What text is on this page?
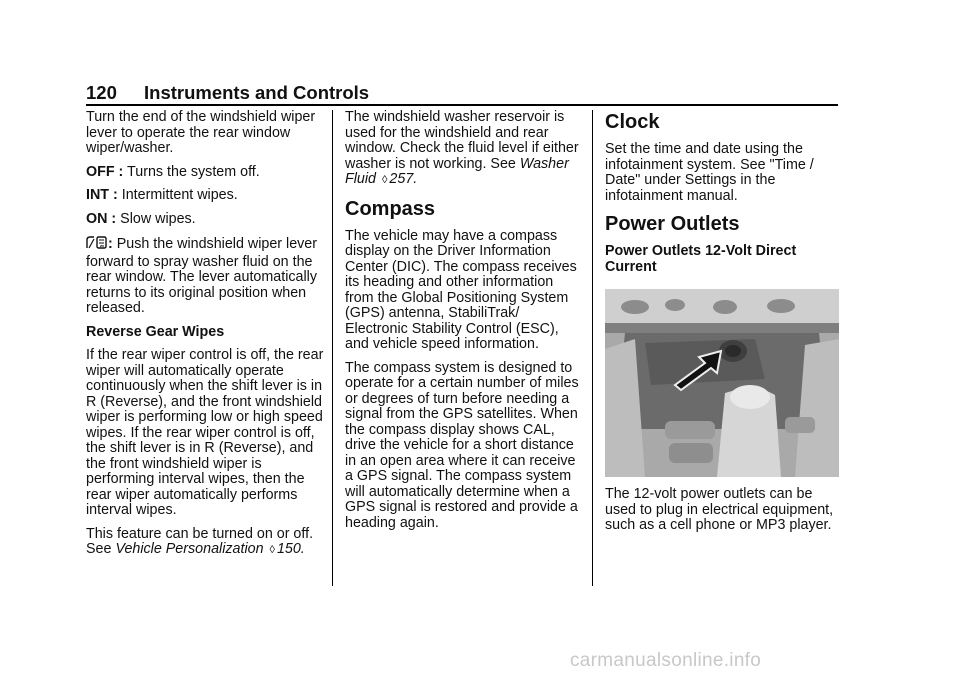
120 Instruments and Controls

Turn the end of the windshield wiper lever to operate the rear window wiper/washer.

OFF : Turns the system off.

INT : Intermittent wipes.

ON : Slow wipes.

: Push the windshield wiper lever forward to spray washer fluid on the rear window. The lever automatically returns to its original position when released.

Reverse Gear Wipes

If the rear wiper control is off, the rear wiper will automatically operate continuously when the shift lever is in R (Reverse), and the front windshield wiper is performing low or high speed wipes. If the rear wiper control is off, the shift lever is in R (Reverse), and the front windshield wiper is performing interval wipes, then the rear wiper automatically performs interval wipes.

This feature can be turned on or off. See Vehicle Personalization ◊ 150.

The windshield washer reservoir is used for the windshield and rear window. Check the fluid level if either washer is not working. See Washer Fluid ◊ 257.

Compass

The vehicle may have a compass display on the Driver Information Center (DIC). The compass receives its heading and other information from the Global Positioning System (GPS) antenna, StabiliTrak/ Electronic Stability Control (ESC), and vehicle speed information.

The compass system is designed to operate for a certain number of miles or degrees of turn before needing a signal from the GPS satellites. When the compass display shows CAL, drive the vehicle for a short distance in an open area where it can receive a GPS signal. The compass system will automatically determine when a GPS signal is restored and provide a heading again.

Clock

Set the time and date using the infotainment system. See "Time / Date" under Settings in the infotainment manual.

Power Outlets

Power Outlets 12-Volt Direct Current

The 12-volt power outlets can be used to plug in electrical equipment, such as a cell phone or MP3 player.

carmanualsonline.info
